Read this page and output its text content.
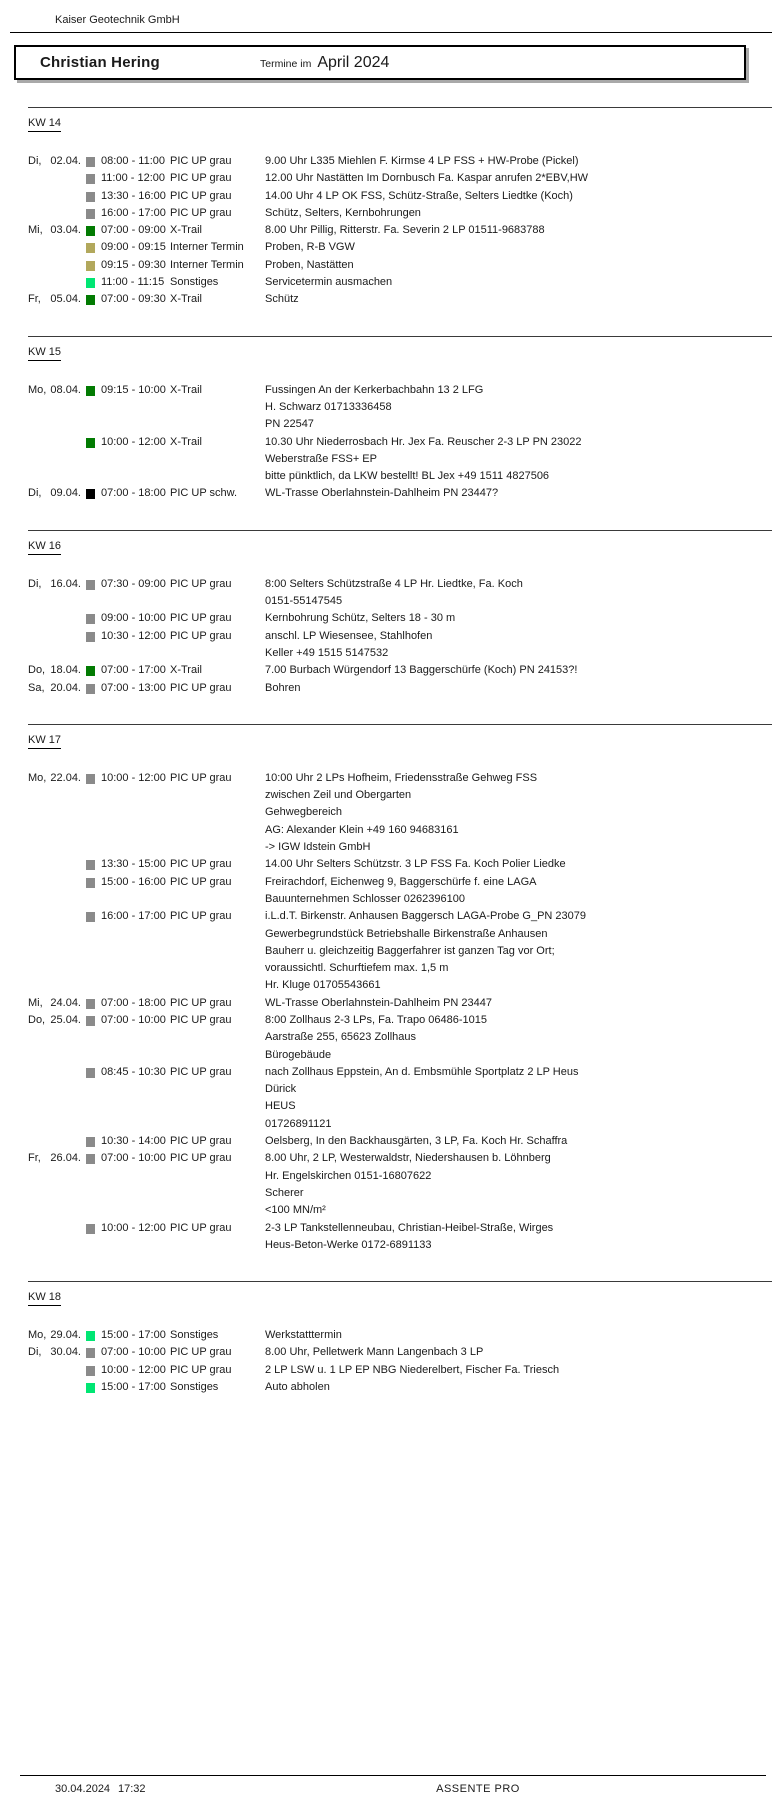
Kaiser Geotechnik GmbH
Christian Hering	Termine im April 2024
KW 14
Di, 02.04. 08:00 - 11:00 PIC UP grau	9.00 Uhr L335 Miehlen F. Kirmse 4 LP FSS + HW-Probe (Pickel)
11:00 - 12:00 PIC UP grau	12.00 Uhr Nastätten Im Dornbusch Fa. Kaspar anrufen 2*EBV,HW
13:30 - 16:00 PIC UP grau	14.00 Uhr 4 LP OK FSS, Schütz-Straße, Selters Liedtke (Koch)
16:00 - 17:00 PIC UP grau	Schütz, Selters, Kernbohrungen
Mi, 03.04. 07:00 - 09:00 X-Trail	8.00 Uhr Pillig, Ritterstr. Fa. Severin 2 LP 01511-9683788
09:00 - 09:15 Interner Termin	Proben, R-B VGW
09:15 - 09:30 Interner Termin	Proben, Nastätten
11:00 - 11:15 Sonstiges	Servicetermin ausmachen
Fr, 05.04. 07:00 - 09:30 X-Trail	Schütz
KW 15
Mo, 08.04. 09:15 - 10:00 X-Trail	Fussingen An der Kerkerbachbahn 13 2 LFG
H. Schwarz 01713336458
PN 22547
10:00 - 12:00 X-Trail	10.30 Uhr Niederrosbach Hr. Jex Fa. Reuscher 2-3 LP PN 23022
Weberstraße FSS+ EP
bitte pünktlich, da LKW bestellt! BL Jex +49 1511 4827506
Di, 09.04. 07:00 - 18:00 PIC UP schw.	WL-Trasse Oberlahnstein-Dahlheim PN 23447?
KW 16
Di, 16.04. 07:30 - 09:00 PIC UP grau	8:00 Selters Schützstraße 4 LP Hr. Liedtke, Fa. Koch
0151-55147545
09:00 - 10:00 PIC UP grau	Kernbohrung Schütz, Selters 18 - 30 m
10:30 - 12:00 PIC UP grau	anschl. LP Wiesensee, Stahlhofen
Keller +49 1515 5147532
Do, 18.04. 07:00 - 17:00 X-Trail	7.00 Burbach Würgendorf 13 Baggerschürfe (Koch) PN 24153?!
Sa, 20.04. 07:00 - 13:00 PIC UP grau	Bohren
KW 17
Mo, 22.04. 10:00 - 12:00 PIC UP grau	10:00 Uhr 2 LPs Hofheim, Friedensstraße Gehweg FSS
zwischen Zeil und Obergarten
Gehwegbereich
AG: Alexander Klein +49 160 94683161
-> IGW Idstein GmbH
13:30 - 15:00 PIC UP grau	14.00 Uhr Selters Schützstr. 3 LP FSS Fa. Koch Polier Liedke
15:00 - 16:00 PIC UP grau	Freirachdorf, Eichenweg 9, Baggerschürfe f. eine LAGA
Bauunternehmen Schlosser 0262396100
16:00 - 17:00 PIC UP grau	i.L.d.T. Birkenstr. Anhausen Baggersch LAGA-Probe G_PN 23079
Gewerbegrundstück Betriebshalle Birkenstraße Anhausen
Bauherr u. gleichzeitig Baggerfahrer ist ganzen Tag vor Ort;
voraussichtl. Schurftiefem max. 1,5 m
Hr. Kluge 01705543661
Mi, 24.04. 07:00 - 18:00 PIC UP grau	WL-Trasse Oberlahnstein-Dahlheim PN 23447
Do, 25.04. 07:00 - 10:00 PIC UP grau	8:00 Zollhaus 2-3 LPs, Fa. Trapo 06486-1015
Aarstraße 255, 65623 Zollhaus
Bürogebäude
08:45 - 10:30 PIC UP grau	nach Zollhaus Eppstein, An d. Embsmühle Sportplatz 2 LP Heus
Dürick
HEUS
01726891121
10:30 - 14:00 PIC UP grau	Oelsberg, In den Backhausgärten, 3 LP, Fa. Koch Hr. Schaffra
Fr, 26.04. 07:00 - 10:00 PIC UP grau	8.00 Uhr, 2 LP, Westerwaldstr, Niedershausen b. Löhnberg
Hr. Engelskirchen 0151-16807622
Scherer
<100 MN/m²
10:00 - 12:00 PIC UP grau	2-3 LP Tankstellenneubau, Christian-Heibel-Straße, Wirges
Heus-Beton-Werke 0172-6891133
KW 18
Mo, 29.04. 15:00 - 17:00 Sonstiges	Werkstatttermin
Di, 30.04. 07:00 - 10:00 PIC UP grau	8.00 Uhr, Pelletwerk Mann Langenbach 3 LP
10:00 - 12:00 PIC UP grau	2 LP LSW u. 1 LP EP NBG Niederelbert, Fischer Fa. Triesch
15:00 - 17:00 Sonstiges	Auto abholen
30.04.2024 17:32	ASSENTE PRO
